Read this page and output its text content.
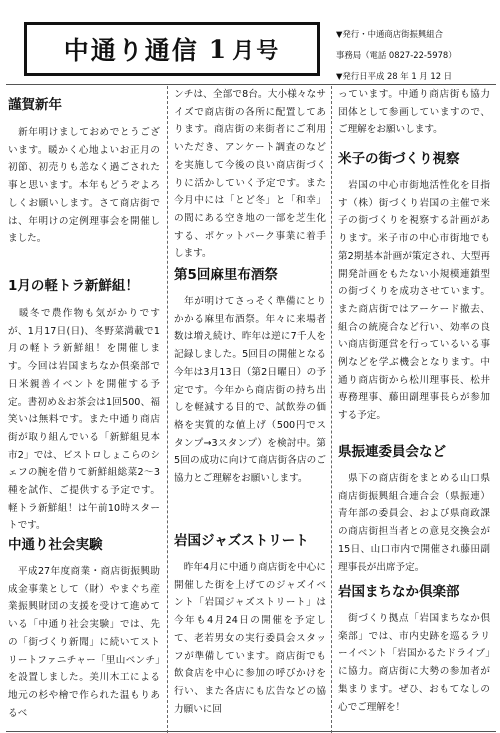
中通り通信 1 月号
▼発行・中通商店街振興組合
事務局（電話 0827-22-5978）
▼発行日平成 28 年 1 月 12 日
謹賀新年

　新年明けましておめでとうございます。暖かく心地よいお正月の初節、初売りも恙なく過ごされた事と思います。本年もどうぞよろしくお願いします。さて商店街では、年明けの定例理事会を開催しました。

1月の軽トラ新鮮組！

　暖冬で農作物も気がかりですが、1月17日(日)、冬野菜満載で1月の軽トラ新鮮組！を開催します。今回は岩国まちなか倶楽部で日米親善イベントを開催する予定。書初め＆お茶会は1回500、福笑いは無料です。また中通り商店街が取り組んでいる「新鮮組見本市2」では、ビストロしょこらのシェフの腕を借りて新鮮組総菜2～3種を試作、ご提供する予定です。軽トラ新鮮組！は午前10時スタートです。

中通り社会実験

　平成27年度商業・商店街振興助成金事業として（財）やまぐち産業振興財団の支援を受けて進めている「中通り社会実験」では、先の「街づくり新聞」に続いてストリートファニチャー「里山ベンチ」を設置しました。美川木工による地元の杉や檜で作られた温もりあるベ

ンチは、全部で8台。大小様々なサイズで商店街の各所に配置してあります。商店街の来街者にご利用いただき、アンケート調査のなどを実施して今後の良い商店街づくりに活かしていく予定です。また今月中には「とど冬」と「和幸」の間にある空き地の一部を芝生化する、ポケットパーク事業に着手します。

第5回麻里布酒祭

　年が明けてさっそく準備にとりかかる麻里布酒祭。年々に来場者数は増え続け、昨年は逆に7千人を記録しました。5回目の開催となる今年は3月13日（第2日曜日）の予定です。今年から商店街の持ち出しを軽減する目的で、試飲券の価格を実質的な値上げ（500円でスタンプ→3スタンプ）を検討中。第5回の成功に向けて商店街各店のご協力とご理解をお願いします。

岩国ジャズストリート

　昨年4月に中通り商店街を中心に開催した街を上げてのジャズイベント「岩国ジャズストリート」は今年も4月24日の開催を予定して、老若男女の実行委員会スタッフが準備しています。商店街でも飲食店を中心に参加の呼びかけを行い、また各店にも広告などの協力願いに回

っています。中通り商店街も協力団体として参画していますので、ご理解をお願いします。

米子の街づくり視察

　岩国の中心市街地活性化を目指す（株）街づくり岩国の主催で米子の街づくりを視察する計画があります。米子市の中心市街地でも第2期基本計画が策定され、大型再開発計画をもたない小規模連鎖型の街づくりを成功させています。また商店街ではアーケード撤去、組合の統廃合など行い、効率の良い商店街運営を行っているいる事例などを学ぶ機会となります。中通り商店街から松川理事長、松井専務理事、藤田副理事長らが参加する予定。

県振連委員会など

　県下の商店街をまとめる山口県商店街振興組合連合会（県振連）青年部の委員会、および県商政課の商店街担当者との意見交換会が15日、山口市内で開催され藤田副理事長が出席予定。

岩国まちなか倶楽部

　街づくり拠点「岩国まちなか倶楽部」では、市内史跡を巡るラリーイベント「岩国かるたドライブ」に協力。商店街に大勢の参加者が集まります。ぜひ、おもてなしの心でご理解を！
